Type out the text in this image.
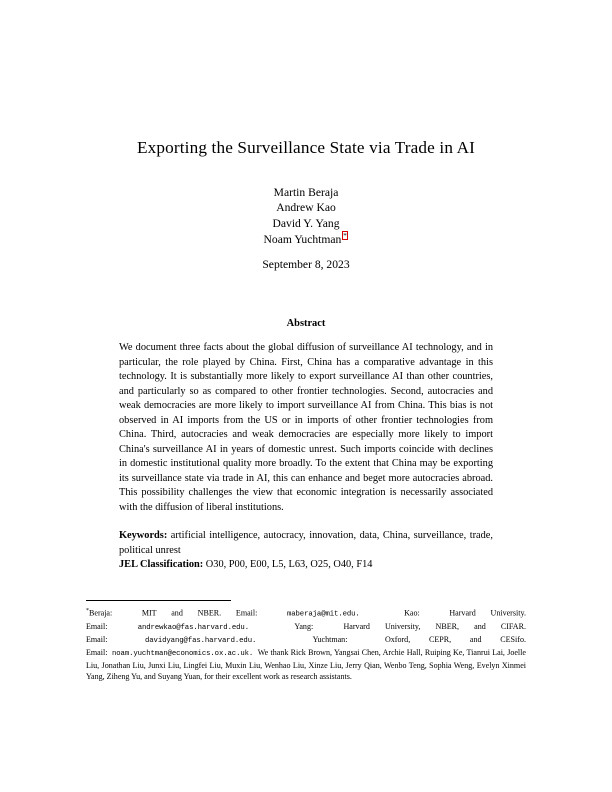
Exporting the Surveillance State via Trade in AI
Martin Beraja
Andrew Kao
David Y. Yang
Noam Yuchtman *
September 8, 2023
Abstract
We document three facts about the global diffusion of surveillance AI technology, and in particular, the role played by China. First, China has a comparative advantage in this technology. It is substantially more likely to export surveillance AI than other countries, and particularly so as compared to other frontier technologies. Second, autocracies and weak democracies are more likely to import surveillance AI from China. This bias is not observed in AI imports from the US or in imports of other frontier technologies from China. Third, autocracies and weak democracies are especially more likely to import China's surveillance AI in years of domestic unrest. Such imports coincide with declines in domestic institutional quality more broadly. To the extent that China may be exporting its surveillance state via trade in AI, this can enhance and beget more autocracies abroad. This possibility challenges the view that economic integration is necessarily associated with the diffusion of liberal institutions.
Keywords: artificial intelligence, autocracy, innovation, data, China, surveillance, trade, political unrest
JEL Classification: O30, P00, E00, L5, L63, O25, O40, F14
*Beraja:	MIT and NBER. Email:	maberaja@mit.edu.	Kao:	Harvard University. Email:	andrewkao@fas.harvard.edu.	Yang:	Harvard University, NBER, and CIFAR. Email:	davidyang@fas.harvard.edu.	Yuchtman:	Oxford, CEPR, and CESifo. Email: noam.yuchtman@economics.ox.ac.uk. We thank Rick Brown, Yangsai Chen, Archie Hall, Ruiping Ke, Tianrui Lai, Joelle Liu, Jonathan Liu, Junxi Liu, Lingfei Liu, Muxin Liu, Wenhao Liu, Xinze Liu, Jerry Qian, Wenbo Teng, Sophia Weng, Evelyn Xinmei Yang, Ziheng Yu, and Suyang Yuan, for their excellent work as research assistants.
